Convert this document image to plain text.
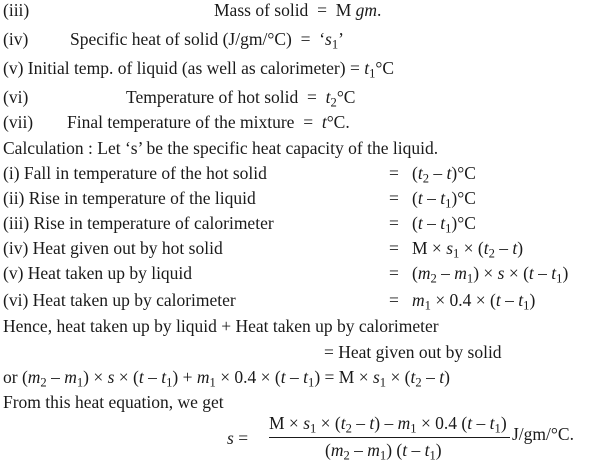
(iii)	Mass of solid  =  M gm.
(iv) Specific heat of solid $(J/gm/^\circ C) = ‘s_1$’
(v) Initial temp. of liquid (as well as calorimeter) = $t_1^\circ C$
(vi)	Temperature of hot solid  =  $t_2^\circ C$
(vii) Final temperature of the mixture  =  t°C.
Calculation : Let ‘s’ be the specific heat capacity of the liquid.
(i) Fall in temperature of the hot solid	=   $(t_2 - t)^\circ C$
(ii) Rise in temperature of the liquid	=   $(t - t_1)^\circ C$
(iii) Rise in temperature of calorimeter	=   $(t - t_1)^\circ C$
(iv) Heat given out by hot solid	=   $M \times s_1 \times (t_2 - t)$
(v) Heat taken up by liquid	=   $(m_2 - m_1) \times s \times (t - t_1)$
(vi) Heat taken up by calorimeter	=   $m_1 \times 0.4 \times (t - t_1)$
Hence, heat taken up by liquid + Heat taken up by calorimeter
= Heat given out by solid
or $(m_2 - m_1) \times s \times (t - t_1) + m_1 \times 0.4 \times (t - t_1) = M \times s_1 \times (t_2 - t)$
From this heat equation, we get
s =
$M \times s_1 \times (t_2 - t) - m_1 \times 0.4$ $(t - t_1)$
$(m_2 - m_1)$ $(t - t_1)$
J/gm/°C.
